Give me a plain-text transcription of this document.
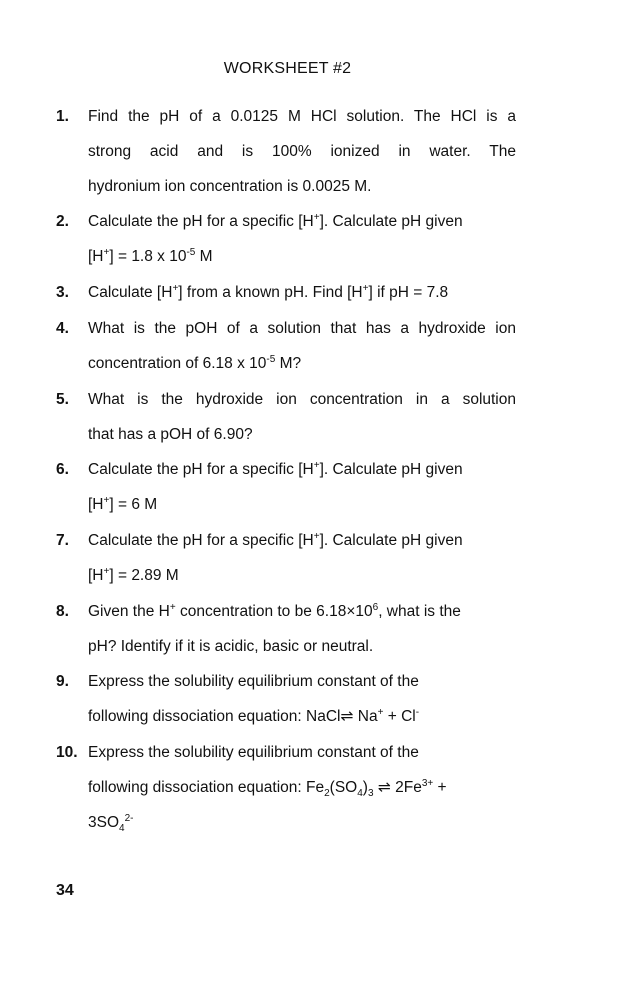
WORKSHEET #2
1.	Find the pH of a 0.0125 M HCl solution. The HCl is a
strong acid and is 100% ionized in water. The
hydronium ion concentration is 0.0025 M.
2.	Calculate the pH for a specific [H+]. Calculate pH given
[H+] = 1.8 x $10^{-5}$ M
3.	Calculate [H+] from a known pH. Find [H+] if pH = 7.8
4.	What is the pOH of a solution that has a hydroxide ion
concentration of 6.18 x $10^{-5}$ M?
5.	What is the hydroxide ion concentration in a solution
that has a pOH of 6.90?
6.	Calculate the pH for a specific [H+]. Calculate pH given
[H+] = 6 M
7.	Calculate the pH for a specific [H+]. Calculate pH given
[H+] = 2.89 M
8.	Given the H+ concentration to be $6.18\times 10^6$, what is the
pH? Identify if it is acidic, basic or neutral.
9.	Express the solubility equilibrium constant of the
following dissociation equation: NaCl⇌ Na+ + Cl-
10. Express the solubility equilibrium constant of the
following dissociation equation: $Fe_2(SO_4)_3$ ⇌ $2Fe^{3+}$ +
$3SO_4^{2-}$
34
